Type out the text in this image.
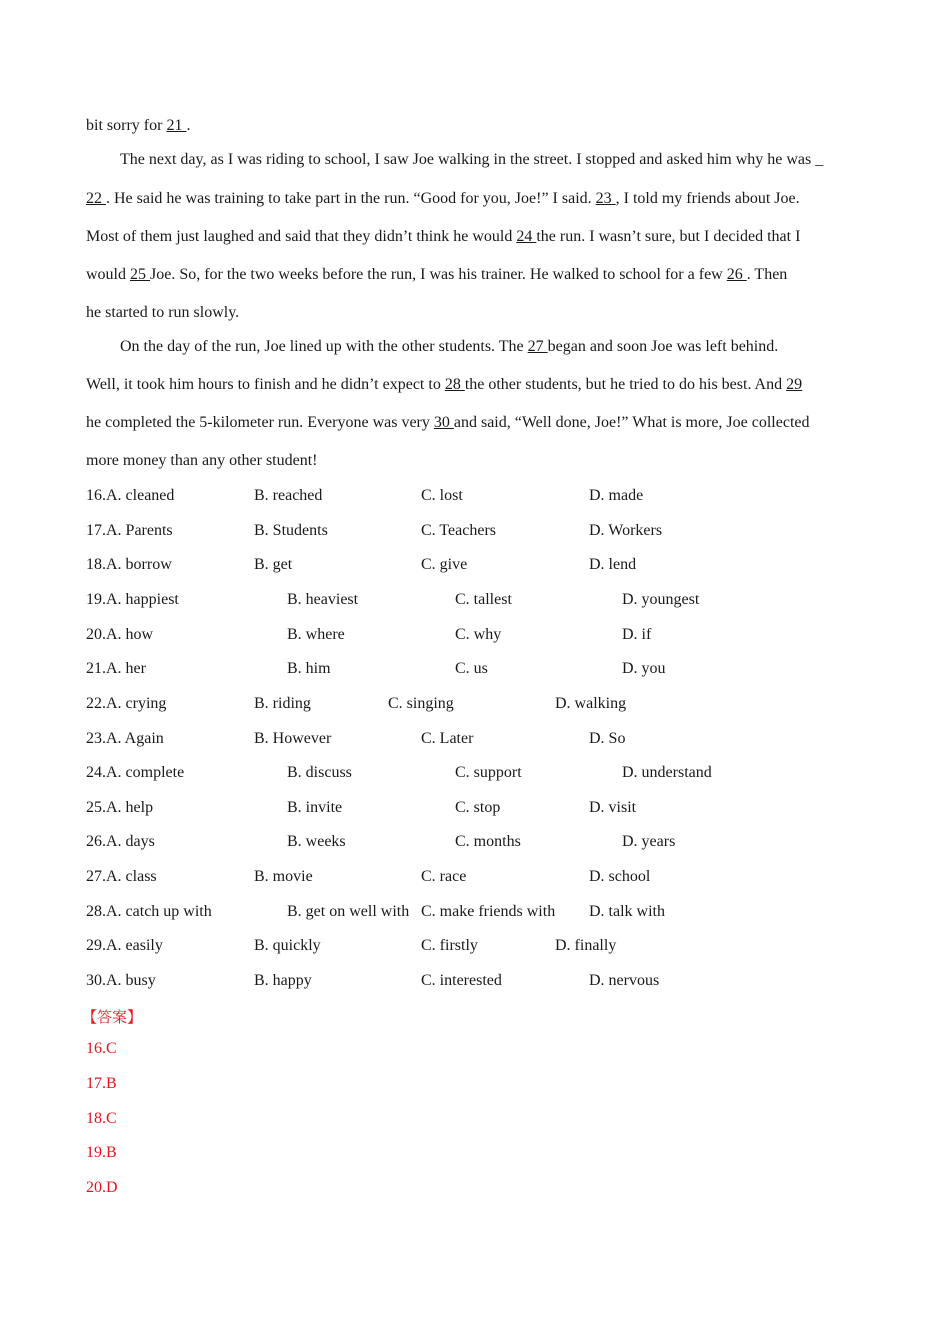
bit sorry for 21 .
The next day, as I was riding to school, I saw Joe walking in the street. I stopped and asked him why he was _
22 . He said he was training to take part in the run. “Good for you, Joe!” I said. 23 , I told my friends about Joe.
Most of them just laughed and said that they didn’t think he would 24 the run. I wasn’t sure, but I decided that I
would 25 Joe. So, for the two weeks before the run, I was his trainer. He walked to school for a few 26 . Then
he started to run slowly.
On the day of the run, Joe lined up with the other students. The 27 began and soon Joe was left behind.
Well, it took him hours to finish and he didn’t expect to 28 the other students, but he tried to do his best. And 29
he completed the 5-kilometer run. Everyone was very 30 and said, “Well done, Joe!” What is more, Joe collected
more money than any other student!
16.A. cleaned	B. reached	C. lost	D. made
17.A. Parents	B. Students	C. Teachers	D. Workers
18.A. borrow	B. get	C. give	D. lend
19.A. happiest	B. heaviest	C. tallest	D. youngest
20.A. how	B. where	C. why	D. if
21.A. her	B. him	C. us	D. you
22.A. crying	B. riding	C. singing	D. walking
23.A. Again	B. However	C. Later	D. So
24.A. complete	B. discuss	C. support	D. understand
25.A. help	B. invite	C. stop	D. visit
26.A. days	B. weeks	C. months	D. years
27.A. class	B. movie	C. race	D. school
28.A. catch up with	B. get on well with C. make friends with D. talk with
29.A. easily	B. quickly	C. firstly	D. finally
30.A. busy	B. happy	C. interested	D. nervous
【答案】
16.C
17.B
18.C
19.B
20.D
